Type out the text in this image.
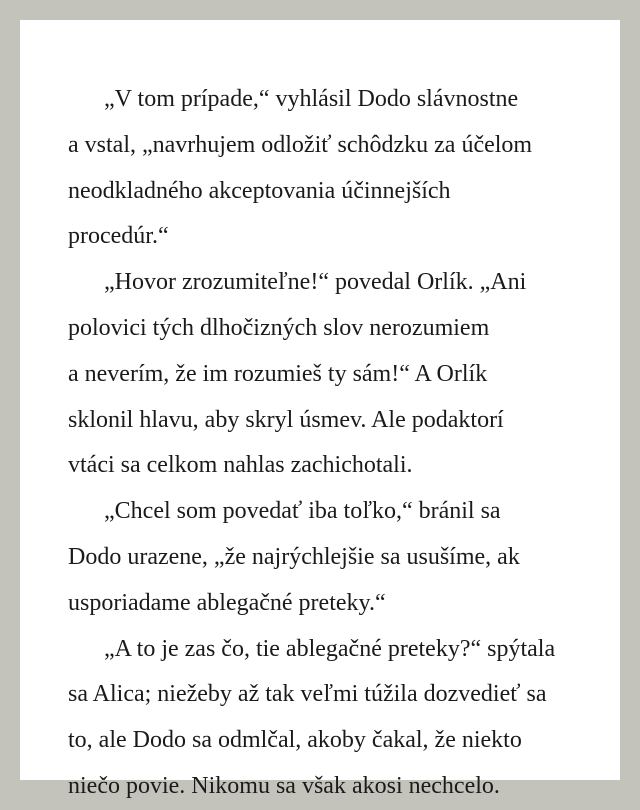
„V tom prípade,“ vyhlásil Dodo slávnostne
a vstal, „navrhujem odložiť schôdzku za účelom
neodkladného akceptovania účinnejších
procedúr.“

„Hovor zrozumiteľne!“ povedal Orlík. „Ani
polovici tých dlhočizných slov nerozumiem
a neverím, že im rozumieš ty sám!“ A Orlík
sklonil hlavu, aby skryl úsmev. Ale podaktorí
vtáci sa celkom nahlas zachichotali.

„Chcel som povedať iba toľko,“ bránil sa
Dodo urazene, „že najrýchlejšie sa usušíme, ak
usporiadame ablegačné preteky.“

„A to je zas čo, tie ablegačné preteky?“ spýtala
sa Alica; niežeby až tak veľmi túžila dozvedieť sa
to, ale Dodo sa odmlčal, akoby čakal, že niekto
niečo povie. Nikomu sa však akosi nechcelo.
